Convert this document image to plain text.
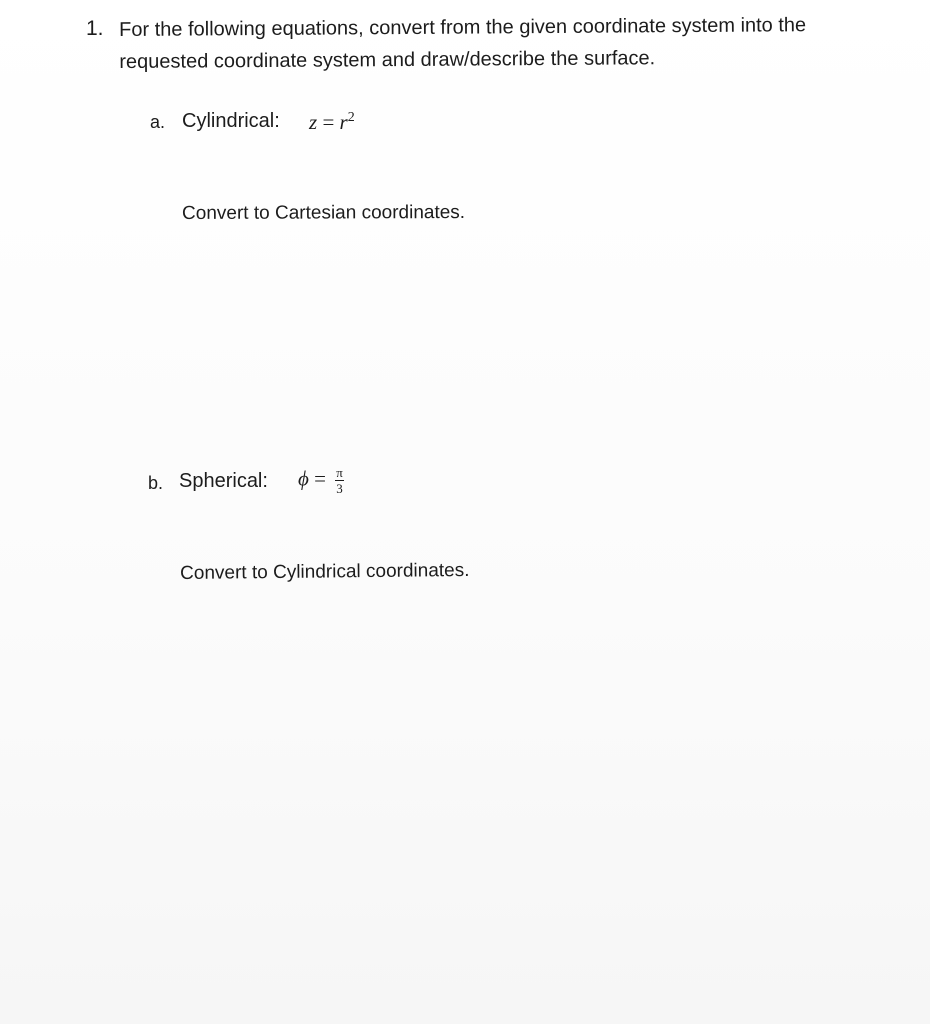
1. For the following equations, convert from the given coordinate system into the requested coordinate system and draw/describe the surface.
a. Cylindrical: $z = r^2$
Convert to Cartesian coordinates.
b. Spherical: $\phi = \frac{\pi}{3}$
Convert to Cylindrical coordinates.
